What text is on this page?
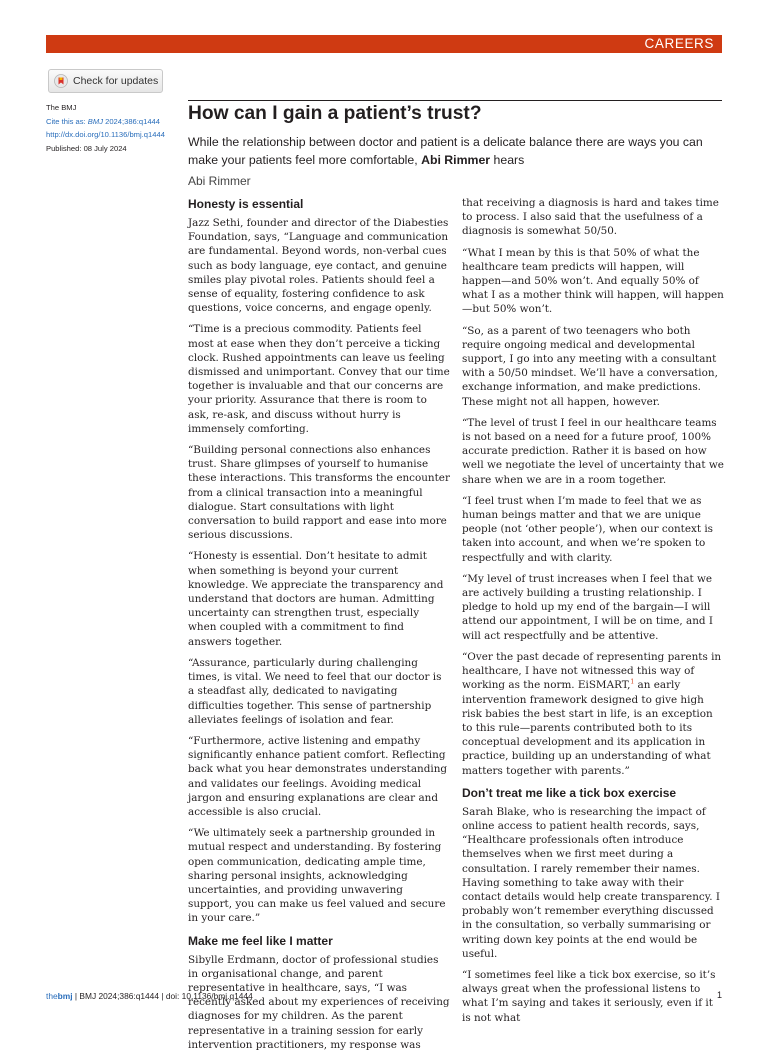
CAREERS
Check for updates
The BMJ
Cite this as: BMJ 2024;386:q1444
http://dx.doi.org/10.1136/bmj.q1444
Published: 08 July 2024
How can I gain a patient’s trust?
While the relationship between doctor and patient is a delicate balance there are ways you can make your patients feel more comfortable, Abi Rimmer hears
Abi Rimmer
Honesty is essential

Jazz Sethi, founder and director of the Diabesties Foundation, says, “Language and communication are fundamental. Beyond words, non-verbal cues such as body language, eye contact, and genuine smiles play pivotal roles. Patients should feel a sense of equality, fostering confidence to ask questions, voice concerns, and engage openly.

“Time is a precious commodity. Patients feel most at ease when they don’t perceive a ticking clock. Rushed appointments can leave us feeling dismissed and unimportant. Convey that our time together is invaluable and that our concerns are your priority. Assurance that there is room to ask, re-ask, and discuss without hurry is immensely comforting.

“Building personal connections also enhances trust. Share glimpses of yourself to humanise these interactions. This transforms the encounter from a clinical transaction into a meaningful dialogue. Start consultations with light conversation to build rapport and ease into more serious discussions.

“Honesty is essential. Don’t hesitate to admit when something is beyond your current knowledge. We appreciate the transparency and understand that doctors are human. Admitting uncertainty can strengthen trust, especially when coupled with a commitment to find answers together.

“Assurance, particularly during challenging times, is vital. We need to feel that our doctor is a steadfast ally, dedicated to navigating difficulties together. This sense of partnership alleviates feelings of isolation and fear.

“Furthermore, active listening and empathy significantly enhance patient comfort. Reflecting back what you hear demonstrates understanding and validates our feelings. Avoiding medical jargon and ensuring explanations are clear and accessible is also crucial.

“We ultimately seek a partnership grounded in mutual respect and understanding. By fostering open communication, dedicating ample time, sharing personal insights, acknowledging uncertainties, and providing unwavering support, you can make us feel valued and secure in your care.”

Make me feel like I matter

Sibylle Erdmann, doctor of professional studies in organisational change, and parent representative in healthcare, says, “I was recently asked about my experiences of receiving diagnoses for my children. As the parent representative in a training session for early intervention practitioners, my response was

that receiving a diagnosis is hard and takes time to process. I also said that the usefulness of a diagnosis is somewhat 50/50.

“What I mean by this is that 50% of what the healthcare team predicts will happen, will happen—and 50% won’t. And equally 50% of what I as a mother think will happen, will happen—but 50% won’t.

“So, as a parent of two teenagers who both require ongoing medical and developmental support, I go into any meeting with a consultant with a 50/50 mindset. We’ll have a conversation, exchange information, and make predictions. These might not all happen, however.

“The level of trust I feel in our healthcare teams is not based on a need for a future proof, 100% accurate prediction. Rather it is based on how well we negotiate the level of uncertainty that we share when we are in a room together.

“I feel trust when I’m made to feel that we as human beings matter and that we are unique people (not ‘other people’), when our context is taken into account, and when we’re spoken to respectfully and with clarity.

“My level of trust increases when I feel that we are actively building a trusting relationship. I pledge to hold up my end of the bargain—I will attend our appointment, I will be on time, and I will act respectfully and be attentive.

“Over the past decade of representing parents in healthcare, I have not witnessed this way of working as the norm. EiSMART,$^1$ an early intervention framework designed to give high risk babies the best start in life, is an exception to this rule—parents contributed both to its conceptual development and its application in practice, building up an understanding of what matters together with parents.”

Don’t treat me like a tick box exercise

Sarah Blake, who is researching the impact of online access to patient health records, says, “Healthcare professionals often introduce themselves when we first meet during a consultation. I rarely remember their names. Having something to take away with their contact details would help create transparency. I probably won’t remember everything discussed in the consultation, so verbally summarising or writing down key points at the end would be useful.

“I sometimes feel like a tick box exercise, so it’s always great when the professional listens to what I’m saying and takes it seriously, even if it is not what

thebmj | BMJ 2024;386:q1444 | doi: 10.1136/bmj.q1444	1
